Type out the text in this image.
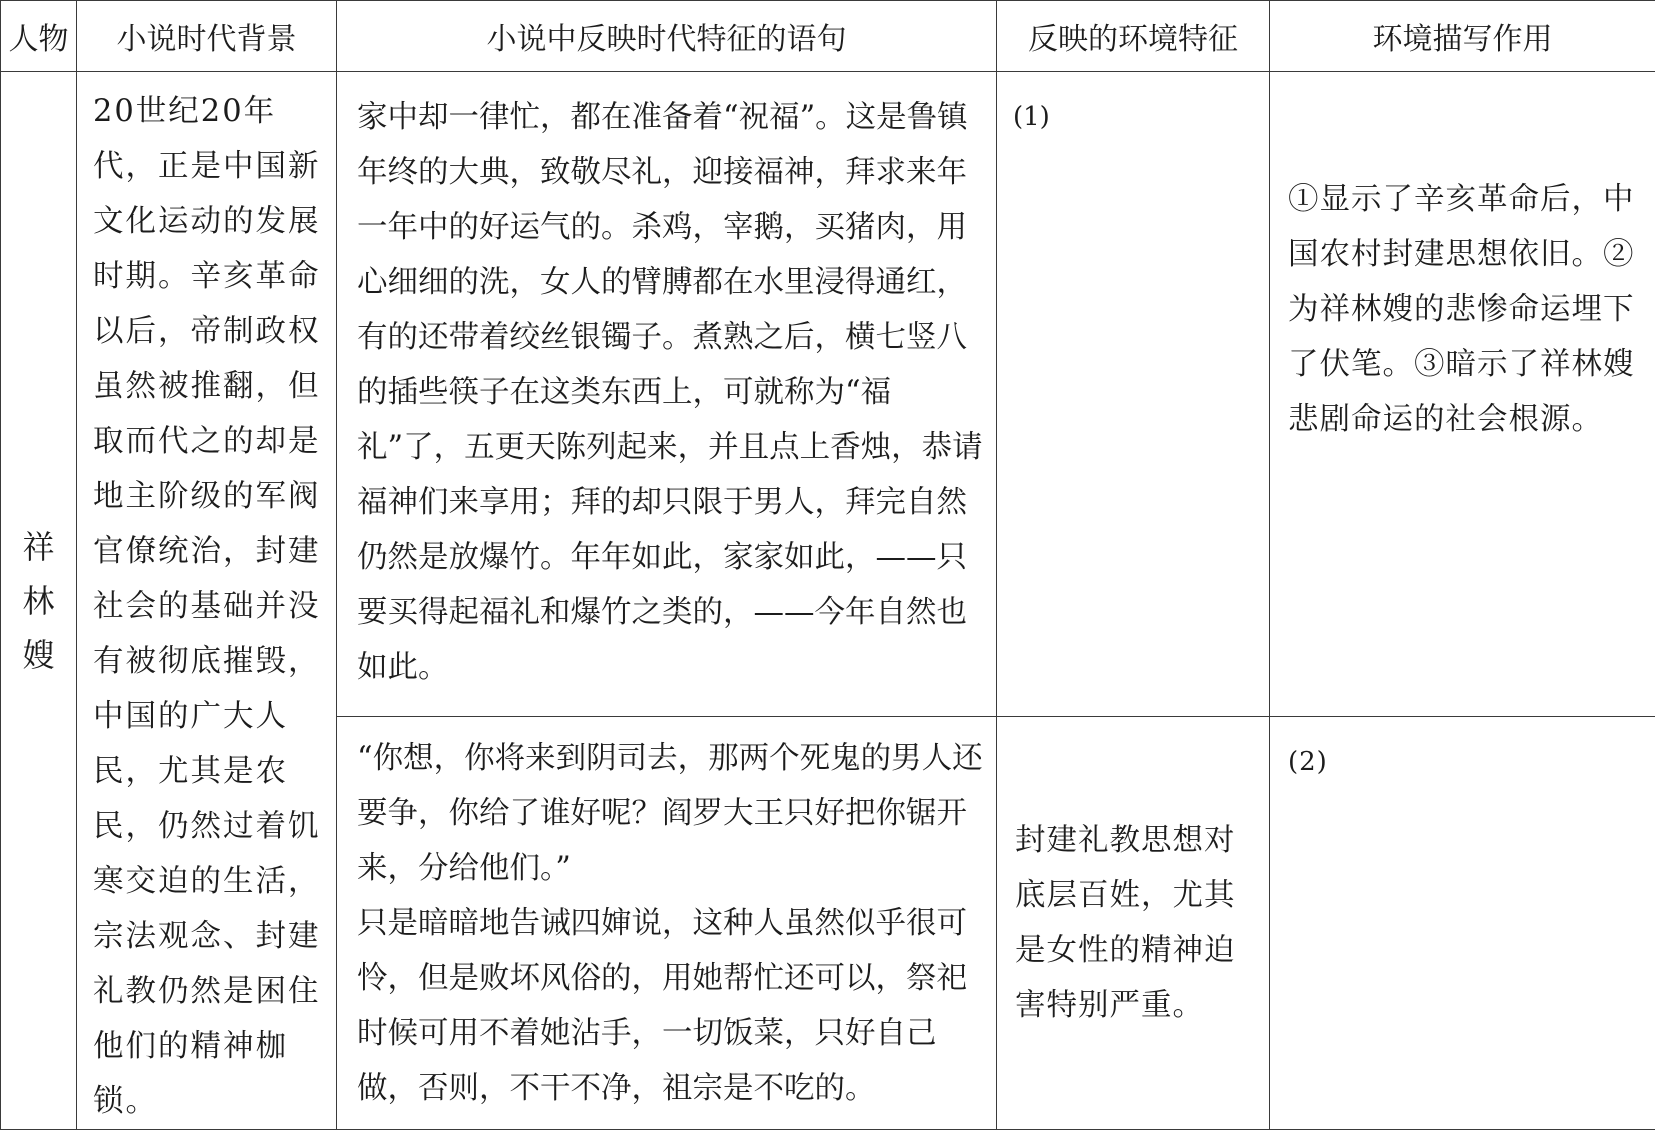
人物	小说时代背景	小说中反映时代特征的语句	反映的环境特征	环境描写作用
祥林嫂	20世纪20年代，正是中国新文化运动的发展时期。辛亥革命以后，帝制政权虽然被推翻，但取而代之的却是地主阶级的军阀官僚统治，封建社会的基础并没有被彻底摧毁，中国的广大人民，尤其是农民，仍然过着饥寒交迫的生活，宗法观念、封建礼教仍然是困住他们的精神枷锁。	家中却一律忙，都在准备着“祝福”。这是鲁镇年终的大典，致敬尽礼，迎接福神，拜求来年一年中的好运气的。杀鸡，宰鹅，买猪肉，用心细细的洗，女人的臂膊都在水里浸得通红，有的还带着绞丝银镯子。煮熟之后，横七竖八的插些筷子在这类东西上，可就称为“福礼”了，五更天陈列起来，并且点上香烛，恭请福神们来享用；拜的却只限于男人，拜完自然仍然是放爆竹。年年如此，家家如此，——只要买得起福礼和爆竹之类的，——今年自然也如此。	(1)	①显示了辛亥革命后，中国农村封建思想依旧。②为祥林嫂的悲惨命运埋下了伏笔。③暗示了祥林嫂悲剧命运的社会根源。

		“你想，你将来到阴司去，那两个死鬼的男人还要争，你给了谁好呢？阎罗大王只好把你锯开来，分给他们。”
只是暗暗地告诫四婶说，这种人虽然似乎很可怜，但是败坏风俗的，用她帮忙还可以，祭祀时候可用不着她沾手，一切饭菜，只好自己做，否则，不干不净，祖宗是不吃的。	封建礼教思想对底层百姓，尤其是女性的精神迫害特别严重。	(2)
